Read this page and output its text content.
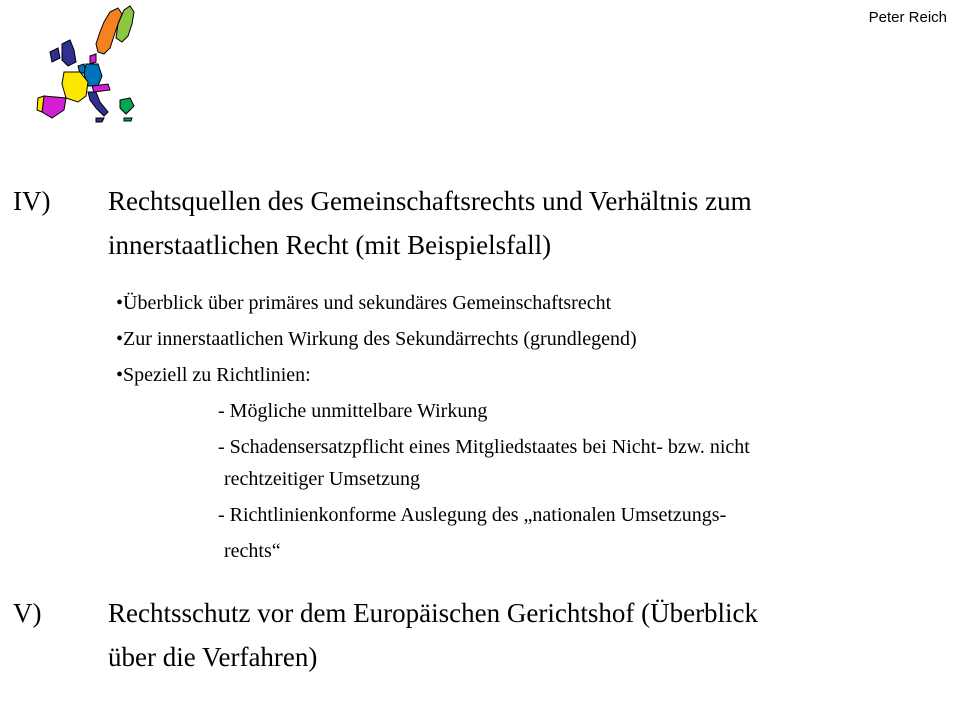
Peter Reich
IV) Rechtsquellen des Gemeinschaftsrechts und Verhältnis zum
innerstaatlichen Recht (mit Beispielsfall)
•Überblick über primäres und sekundäres Gemeinschaftsrecht
•Zur innerstaatlichen Wirkung des Sekundärrechts (grundlegend)
•Speziell zu Richtlinien:
- Mögliche unmittelbare Wirkung
- Schadensersatzpflicht eines Mitgliedstaates bei Nicht- bzw. nicht
rechtzeitiger Umsetzung
- Richtlinienkonforme Auslegung des „nationalen Umsetzungs-
rechts“
V) Rechtsschutz vor dem Europäischen Gerichtshof (Überblick
über die Verfahren)
